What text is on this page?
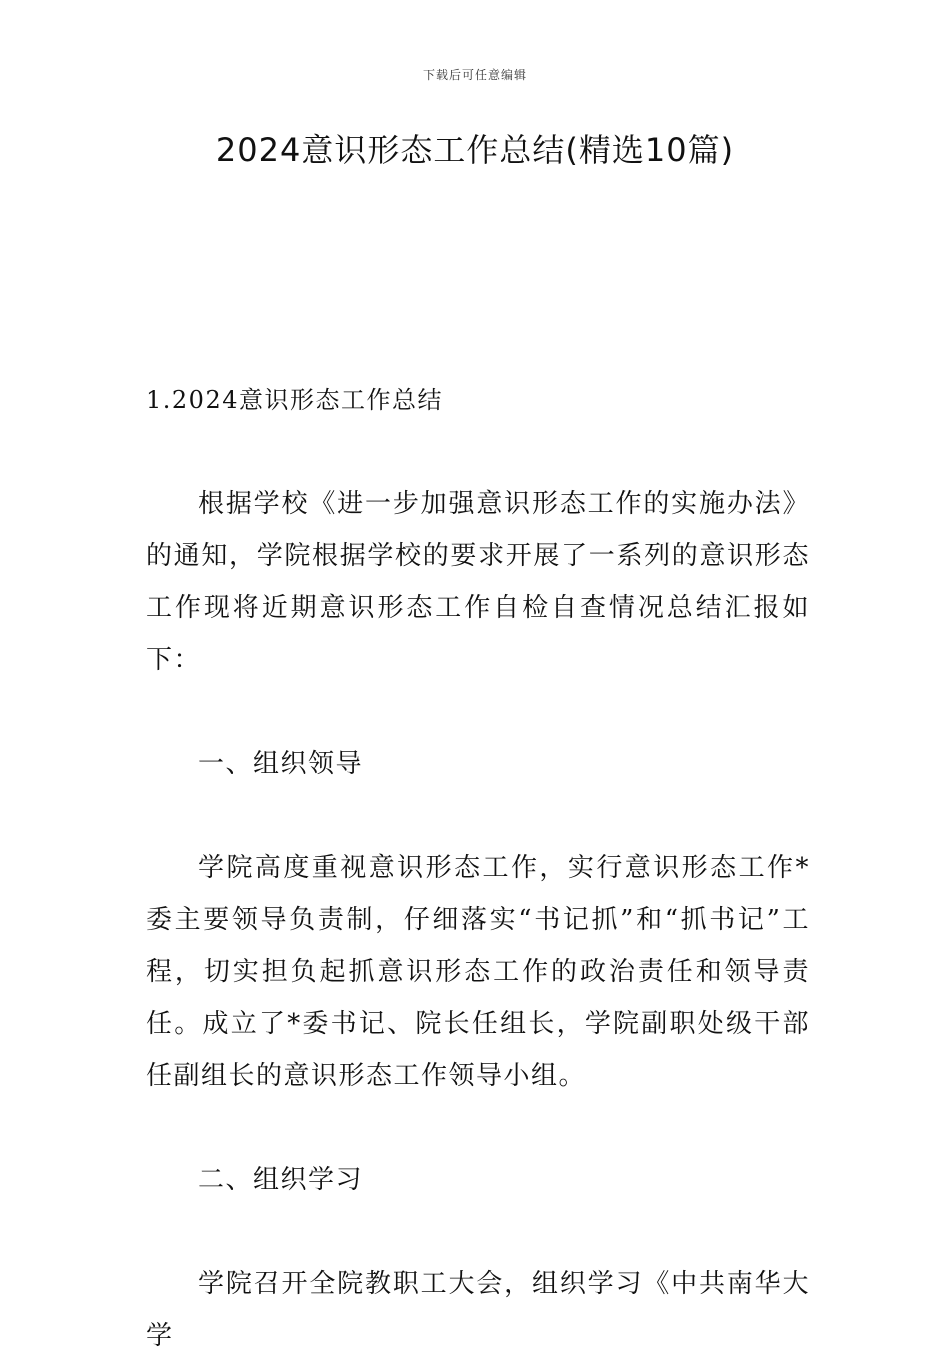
下载后可任意编辑
2024意识形态工作总结(精选10篇)

1.2024意识形态工作总结

根据学校《进一步加强意识形态工作的实施办法》的通知，学院根据学校的要求开展了一系列的意识形态工作现将近期意识形态工作自检自查情况总结汇报如下：

一、组织领导

学院高度重视意识形态工作，实行意识形态工作*委主要领导负责制，仔细落实“书记抓”和“抓书记”工程，切实担负起抓意识形态工作的政治责任和领导责任。成立了*委书记、院长任组长，学院副职处级干部任副组长的意识形态工作领导小组。

二、组织学习

学院召开全院教职工大会，组织学习《中共南华大学
